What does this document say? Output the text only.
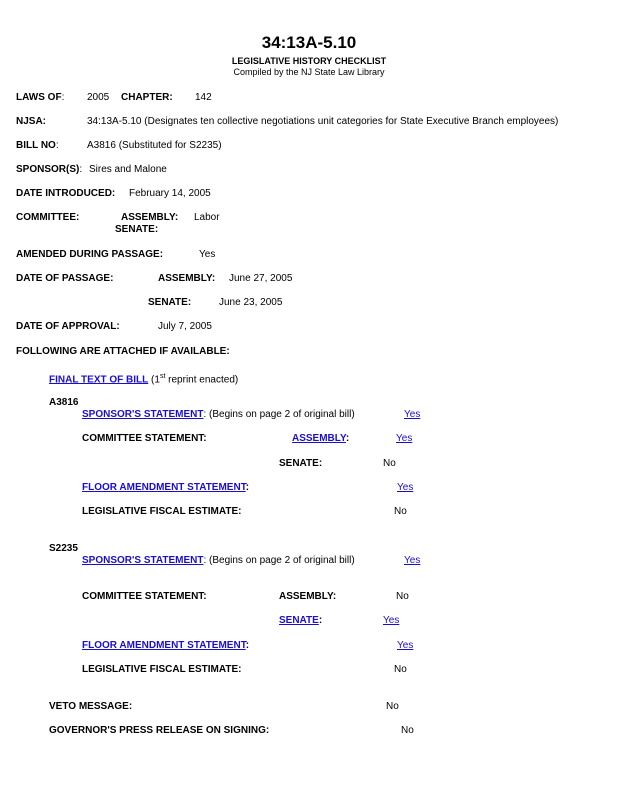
34:13A-5.10
LEGISLATIVE HISTORY CHECKLIST
Compiled by the NJ State Law Library
LAWS OF: 2005 CHAPTER: 142
NJSA:	34:13A-5.10 (Designates ten collective negotiations unit categories for State Executive Branch employees)
BILL NO:	A3816 (Substituted for S2235)
SPONSOR(S): Sires and Malone
DATE INTRODUCED: February 14, 2005
COMMITTEE:	ASSEMBLY: Labor
SENATE:
AMENDED DURING PASSAGE:	Yes
DATE OF PASSAGE:	ASSEMBLY: June 27, 2005
SENATE:	June 23, 2005
DATE OF APPROVAL:	July 7, 2005
FOLLOWING ARE ATTACHED IF AVAILABLE:
FINAL TEXT OF BILL (1st reprint enacted)
A3816
SPONSOR'S STATEMENT: (Begins on page 2 of original bill)	Yes
COMMITTEE STATEMENT:	ASSEMBLY:	Yes
SENATE:	No
FLOOR AMENDMENT STATEMENT:	Yes
LEGISLATIVE FISCAL ESTIMATE:	No
S2235
SPONSOR'S STATEMENT: (Begins on page 2 of original bill)	Yes
COMMITTEE STATEMENT:	ASSEMBLY:	No
SENATE:	Yes
FLOOR AMENDMENT STATEMENT:	Yes
LEGISLATIVE FISCAL ESTIMATE:	No
VETO MESSAGE:	No
GOVERNOR'S PRESS RELEASE ON SIGNING:	No
